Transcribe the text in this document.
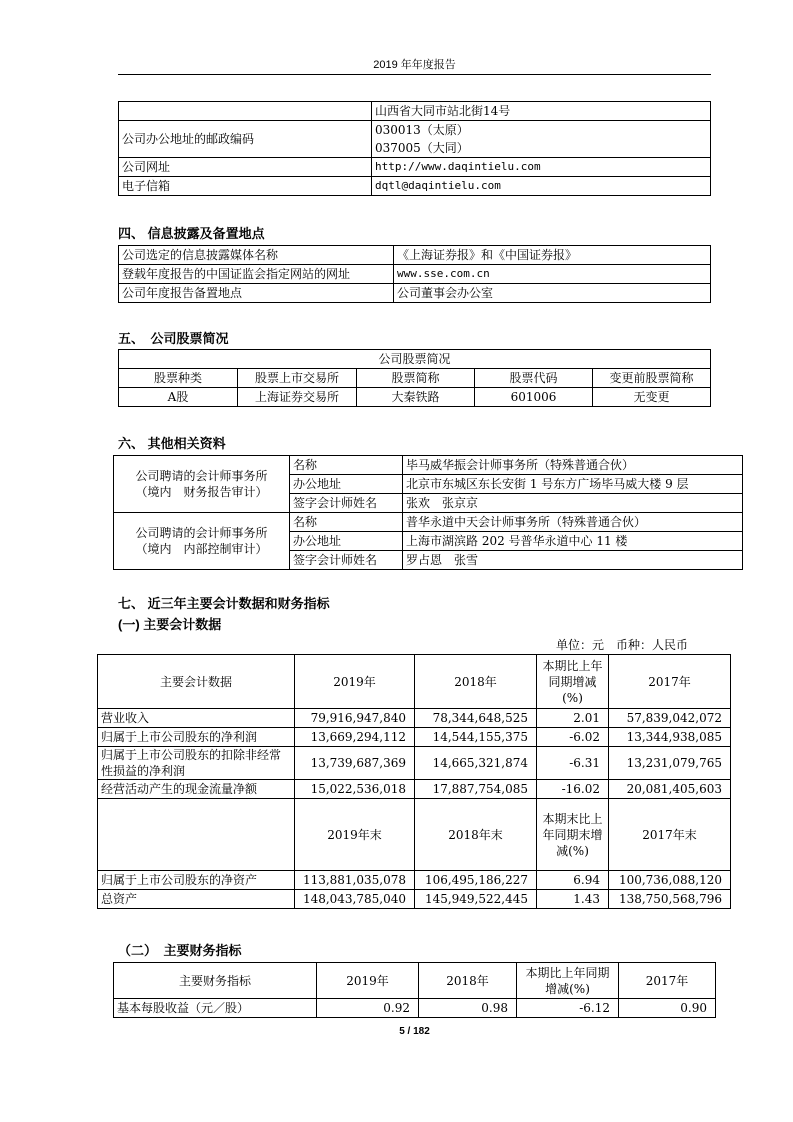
2019 年年度报告
	山西省大同市站北街14号
公司办公地址的邮政编码	030013（太原）
037005（大同）

公司网址	http://www.daqintielu.com
电子信箱	dqtl@daqintielu.com
四、 信息披露及备置地点
公司选定的信息披露媒体名称	《上海证券报》和《中国证券报》
登载年度报告的中国证监会指定网站的网址	www.sse.com.cn
公司年度报告备置地点	公司董事会办公室
五、　公司股票简况
公司股票简况				
股票种类	股票上市交易所	股票简称	股票代码	变更前股票简称
A股	上海证券交易所	大秦铁路	601006	无变更
六、 其他相关资料
公司聘请的会计师事务所
（境内　财务报告审计）	名称	毕马威华振会计师事务所（特殊普通合伙）
	办公地址	北京市东城区东长安街 1 号东方广场毕马威大楼 9 层
	签字会计师姓名	张欢　张京京

公司聘请的会计师事务所
（境内　内部控制审计）	名称	普华永道中天会计师事务所（特殊普通合伙）
	办公地址	上海市湖滨路 202 号普华永道中心 11 楼
	签字会计师姓名	罗占恩　张雪
七、 近三年主要会计数据和财务指标
(一) 主要会计数据
单位：元　币种：人民币
主要会计数据	2019年	2018年	本期比上年同期增减(%)	2017年
营业收入	79,916,947,840	78,344,648,525	2.01	57,839,042,072
归属于上市公司股东的净利润	13,669,294,112	14,544,155,375	-6.02	13,344,938,085
归属于上市公司股东的扣除非经常性损益的净利润	13,739,687,369	14,665,321,874	-6.31	13,231,079,765
经营活动产生的现金流量净额	15,022,536,018	17,887,754,085	-16.02	20,081,405,603
	2019年末	2018年末	本期末比上年同期末增减(%)	2017年末
归属于上市公司股东的净资产	113,881,035,078	106,495,186,227	6.94	100,736,088,120
总资产	148,043,785,040	145,949,522,445	1.43	138,750,568,796
（二）　主要财务指标
主要财务指标	2019年	2018年	本期比上年同期增减(%)	2017年
基本每股收益（元／股）	0.92	0.98	-6.12	0.90
5 / 182
